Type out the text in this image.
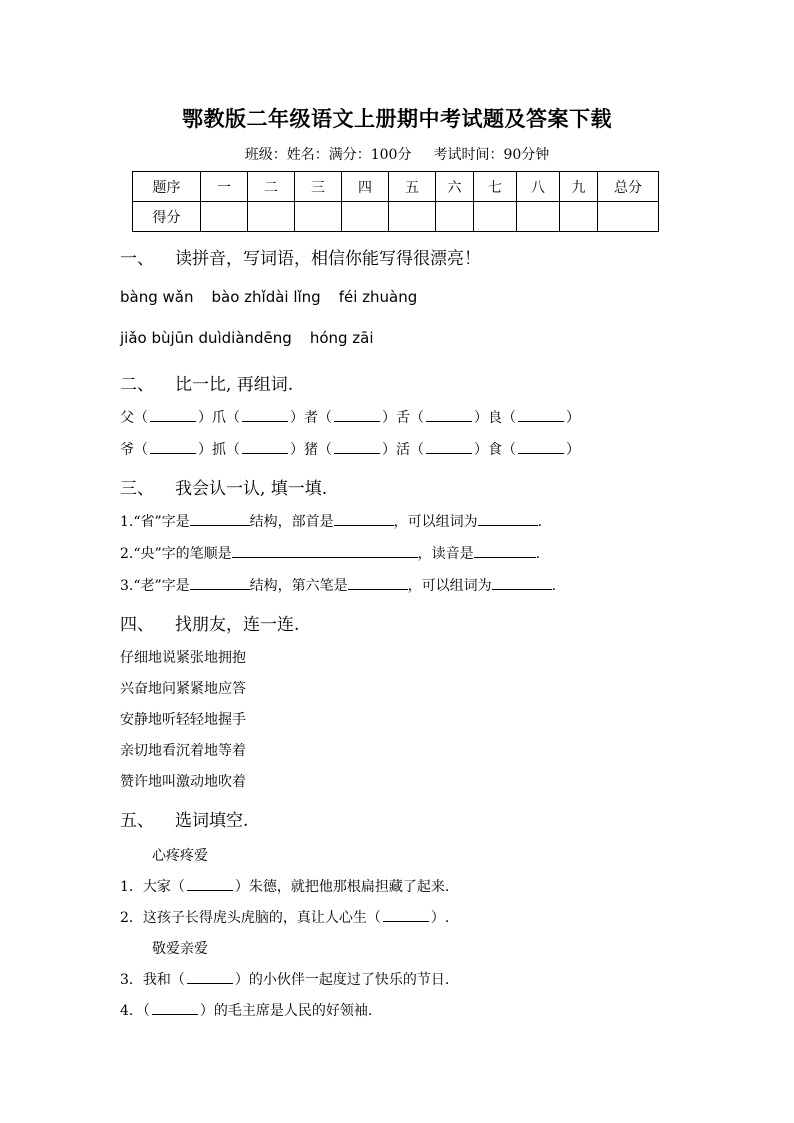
鄂教版二年级语文上册期中考试题及答案下载
班级：姓名：满分：100分 考试时间：90分钟
题序	一	二	三	四	五	六	七	八	九	总分
得分										
一、 读拼音，写词语，相信你能写得很漂亮！
bàng wǎn bào zhǐdài lǐng féi zhuàng
jiǎo bùjūn duìdiàndēng hóng zāi
二、 比一比, 再组词.
父（	）爪（	）者（	）舌（	）良（	）
爷（	）抓（	）猪（	）活（	）食（	）
三、 我会认一认, 填一填.
1.“省”字是	结构，部首是	，可以组词为	.
2.“央”字的笔顺是	，读音是	.
3.“老”字是	结构，第六笔是	，可以组词为	.
四、 找朋友，连一连.
仔细地说紧张地拥抱
兴奋地问紧紧地应答
安静地听轻轻地握手
亲切地看沉着地等着
赞许地叫激动地吹着
五、 选词填空.
心疼疼爱
1．大家（	）朱德，就把他那根扁担藏了起来.
2．这孩子长得虎头虎脑的，真让人心生（	）.
敬爱亲爱
3．我和（	）的小伙伴一起度过了快乐的节日.
4．（	）的毛主席是人民的好领袖.
